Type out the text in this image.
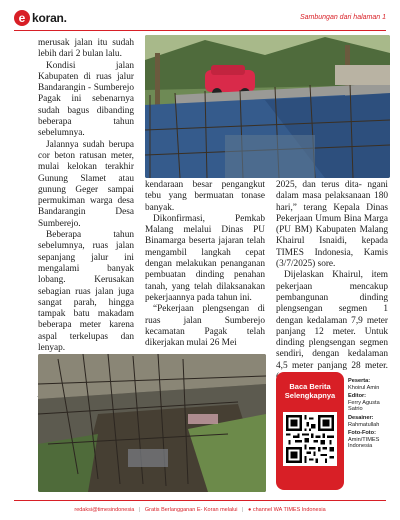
e koran.	Sambungan dari halaman 1

merusak jalan itu sudah lebih dari 2 bulan lalu.

Kondisi jalan Kabupaten di ruas jalur Bandarangin - Sumberejo Pagak ini sebenarnya sudah bagus dibanding beberapa tahun sebelumnya.

Jalannya sudah berupa cor beton ratusan meter, mulai kelokan terakhir Gunung Slamet atau gunung Geger sampai permukiman warga desa Bandarangin Desa Sumberejo.

Beberapa tahun sebelumnya, ruas jalan sepanjang jalur ini mengalami banyak lobang. Kerusakan sebagian ruas jalan juga sangat parah, hingga tampak batu makadam beberapa meter karena aspal terkelupas dan lenyap.

kendaraan besar pengangkut tebu yang bermuatan tonase banyak.

Dikonfirmasi, Pemkab Malang melalui Dinas PU Binamarga beserta jajaran telah mengambil langkah cepat dengan melakukan penanganan pembuatan dinding penahan tanah, yang telah dilaksanakan pekerjaannya pada tahun ini.

“Pekerjaan plengsengan di ruas jalan Sumberejo kecamatan Pagak telah dikerjakan mulai 26 Mei

2025, dan terus dita- ngani dalam masa pelaksanaan 180 hari,” terang Kepala Dinas Pekerjaan Umum Bina Marga (PU BM) Kabupaten Malang Khairul Isnaidi, kepada TIMES Indonesia, Kamis (3/7/2025) sore.

Dijelaskan Khairul, item pekerjaan mencakup pembangunan dinding plengsengan segmen 1 dengan kedalaman 7,9 meter panjang 12 meter. Untuk dinding plengsengan segmen sendiri, dengan kedalaman 4,5 meter panjang 28 meter.

Baca Berita Selengkapnya
Peserta:
Khoirul Amin
Editor:
Ferry Agusta Satrio
Desainer:
Rahmatullah
Foto-Foto:
Amin/TIMES Indonesia
redaksi@timesindonesia | Gratis Berlangganan E- Koran melalui | ● channel WA TIMES Indonesia
